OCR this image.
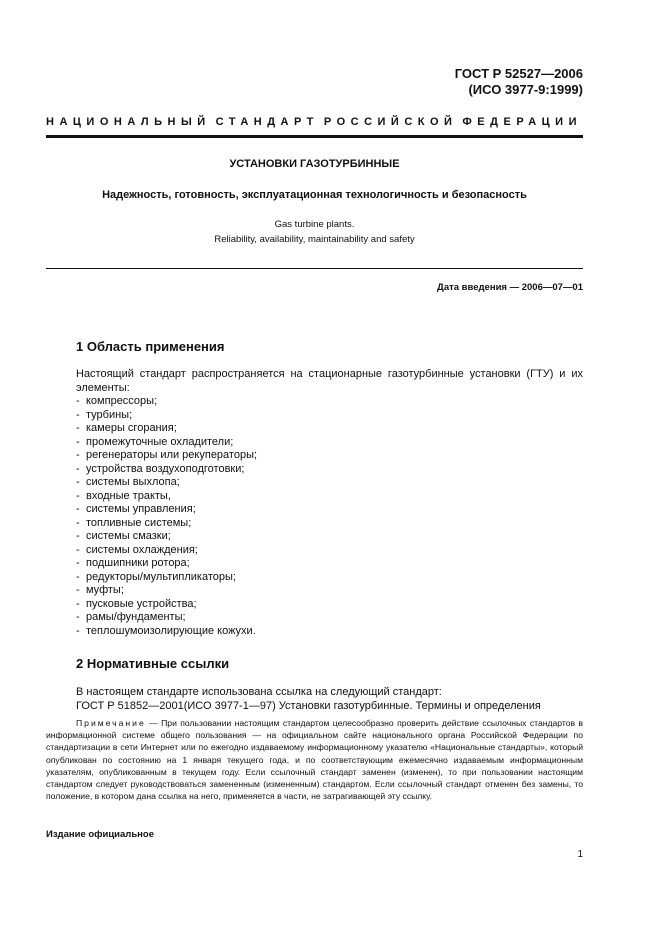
ГОСТ Р 52527—2006
(ИСО 3977-9:1999)
НАЦИОНАЛЬНЫЙ СТАНДАРТ РОССИЙСКОЙ ФЕДЕРАЦИИ
УСТАНОВКИ ГАЗОТУРБИННЫЕ
Надежность, готовность, эксплуатационная технологичность и безопасность
Gas turbine plants.
Reliability, availability, maintainability and safety
Дата введения — 2006—07—01
1 Область применения
Настоящий стандарт распространяется на стационарные газотурбинные установки (ГТУ) и их элементы:
- компрессоры;
- турбины;
- камеры сгорания;
- промежуточные охладители;
- регенераторы или рекуператоры;
- устройства воздухоподготовки;
- системы выхлопа;
- входные тракты,
- системы управления;
- топливные системы;
- системы смазки;
- системы охлаждения;
- подшипники ротора;
- редукторы/мультипликаторы;
- муфты;
- пусковые устройства;
- рамы/фундаменты;
- теплошумоизолирующие кожухи.
2 Нормативные ссылки
В настоящем стандарте использована ссылка на следующий стандарт:
ГОСТ Р 51852—2001(ИСО 3977-1—97) Установки газотурбинные. Термины и определения
Примечание — При пользовании настоящим стандартом целесообразно проверить действие ссылочных стандартов в информационной системе общего пользования — на официальном сайте национального органа Российской Федерации по стандартизации в сети Интернет или по ежегодно издаваемому информационному указателю «Национальные стандарты», который опубликован по состоянию на 1 января текущего года, и по соответствующим ежемесячно издаваемым информационным указателям, опубликованным в текущем году. Если ссылочный стандарт заменен (изменен), то при пользовании настоящим стандартом следует руководствоваться замененным (измененным) стандартом. Если ссылочный стандарт отменен без замены, то положение, в котором дана ссылка на него, применяется в части, не затрагивающей эту ссылку.
Издание официальное
1
